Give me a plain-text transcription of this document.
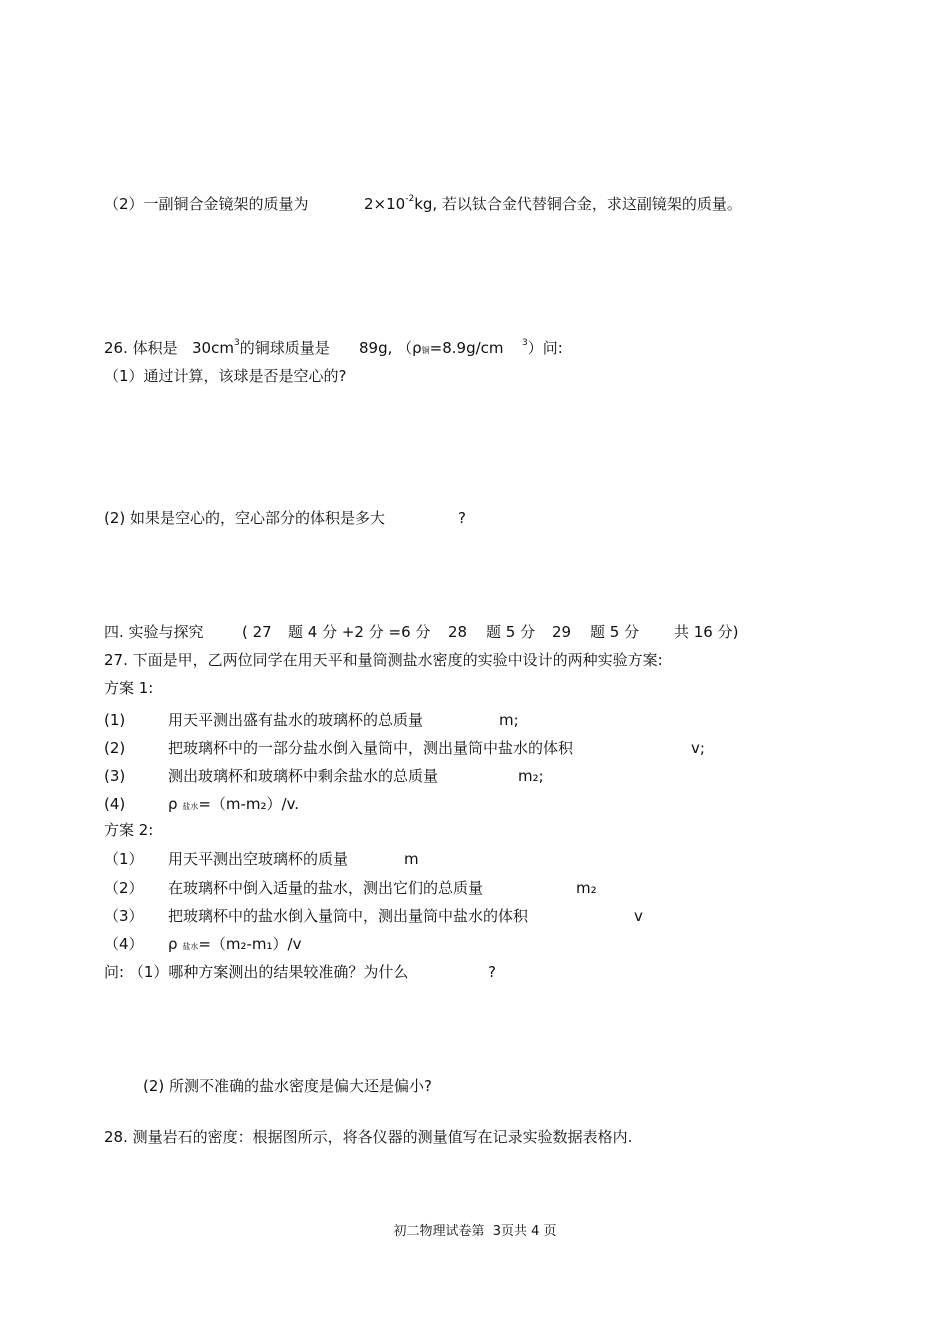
（2）一副铜合金镜架的质量为	$2\times 10^{-2}kg$, 若以钛合金代替铜合金，求这副镜架的质量。
26. 体积是 $30cm^3$的铜球质量是 89g, （ρ铜=8.9g/cm $^3$）问:
（1）通过计算，该球是否是空心的?
(2) 如果是空心的，空心部分的体积是多大	?
四. 实验与探究	( 27 题 4 分 +2 分 =6 分 28 题 5 分 29 题 5 分 共 16 分)
27. 下面是甲，乙两位同学在用天平和量筒测盐水密度的实验中设计的两种实验方案:
方案 1:
(1)	用天平测出盛有盐水的玻璃杯的总质量	m;
(2)	把玻璃杯中的一部分盐水倒入量筒中，测出量筒中盐水的体积	v;
(3)	测出玻璃杯和玻璃杯中剩余盐水的总质量	m₂;
(4)	ρ 盐水=（m-m₂）/v.
方案 2:
（1） 用天平测出空玻璃杯的质量	m
（2） 在玻璃杯中倒入适量的盐水，测出它们的总质量	m₂
（3） 把玻璃杯中的盐水倒入量筒中，测出量筒中盐水的体积	v
（4） ρ 盐水=（m₂-m₁）/v
问: （1）哪种方案测出的结果较准确？为什么	?
(2) 所测不准确的盐水密度是偏大还是偏小?
28. 测量岩石的密度：根据图所示，将各仪器的测量值写在记录实验数据表格内.
初二物理试卷第  3页共 4 页
